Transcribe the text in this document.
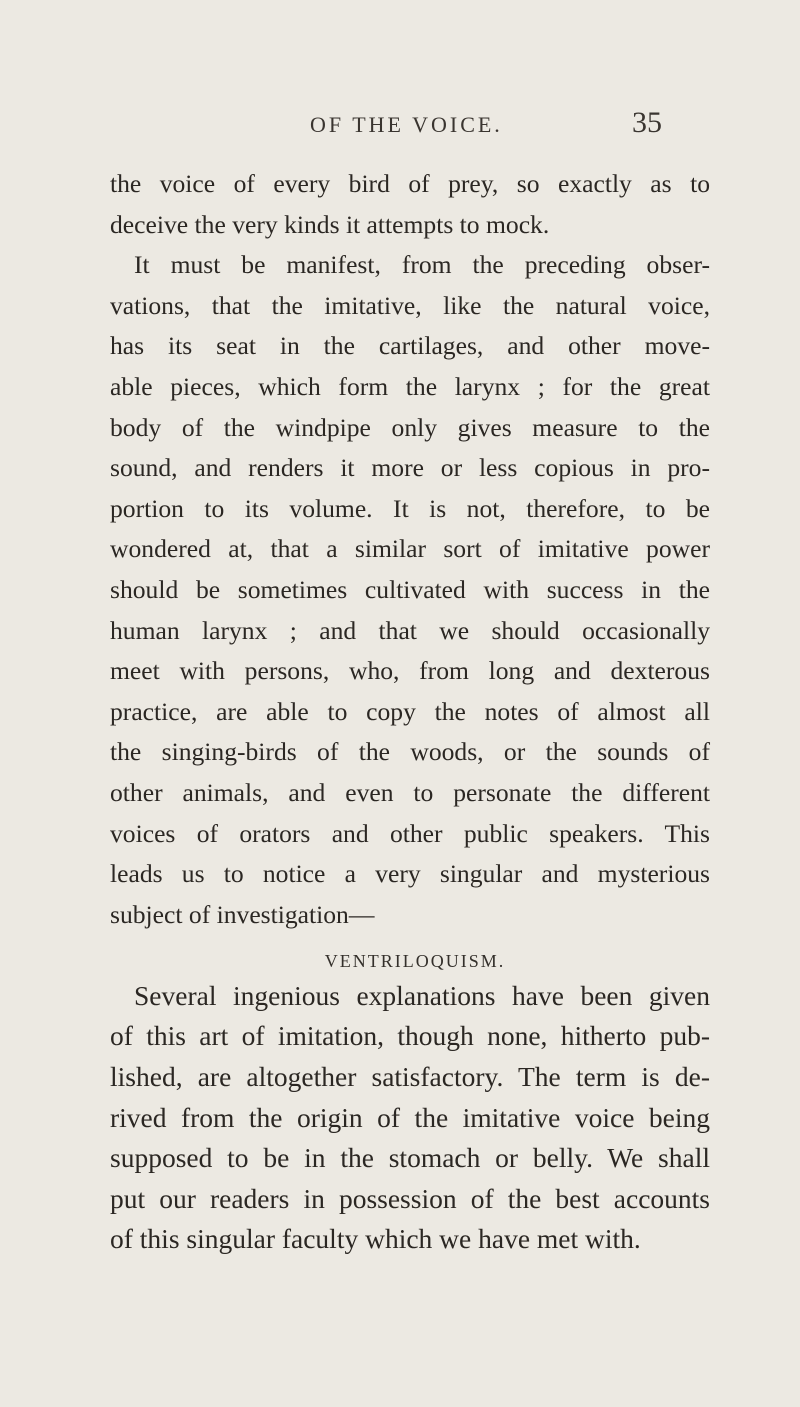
OF THE VOICE.	35
the voice of every bird of prey, so exactly as to
deceive the very kinds it attempts to mock.
It must be manifest, from the preceding obser-
vations, that the imitative, like the natural voice,
has its seat in the cartilages, and other move-
able pieces, which form the larynx ; for the great
body of the windpipe only gives measure to the
sound, and renders it more or less copious in pro-
portion to its volume. It is not, therefore, to be
wondered at, that a similar sort of imitative power
should be sometimes cultivated with success in the
human larynx ; and that we should occasionally
meet with persons, who, from long and dexterous
practice, are able to copy the notes of almost all
the singing-birds of the woods, or the sounds of
other animals, and even to personate the different
voices of orators and other public speakers. This
leads us to notice a very singular and mysterious
subject of investigation—
VENTRILOQUISM.
Several ingenious explanations have been given
of this art of imitation, though none, hitherto pub-
lished, are altogether satisfactory. The term is de-
rived from the origin of the imitative voice being
supposed to be in the stomach or belly. We shall
put our readers in possession of the best accounts
of this singular faculty which we have met with.
